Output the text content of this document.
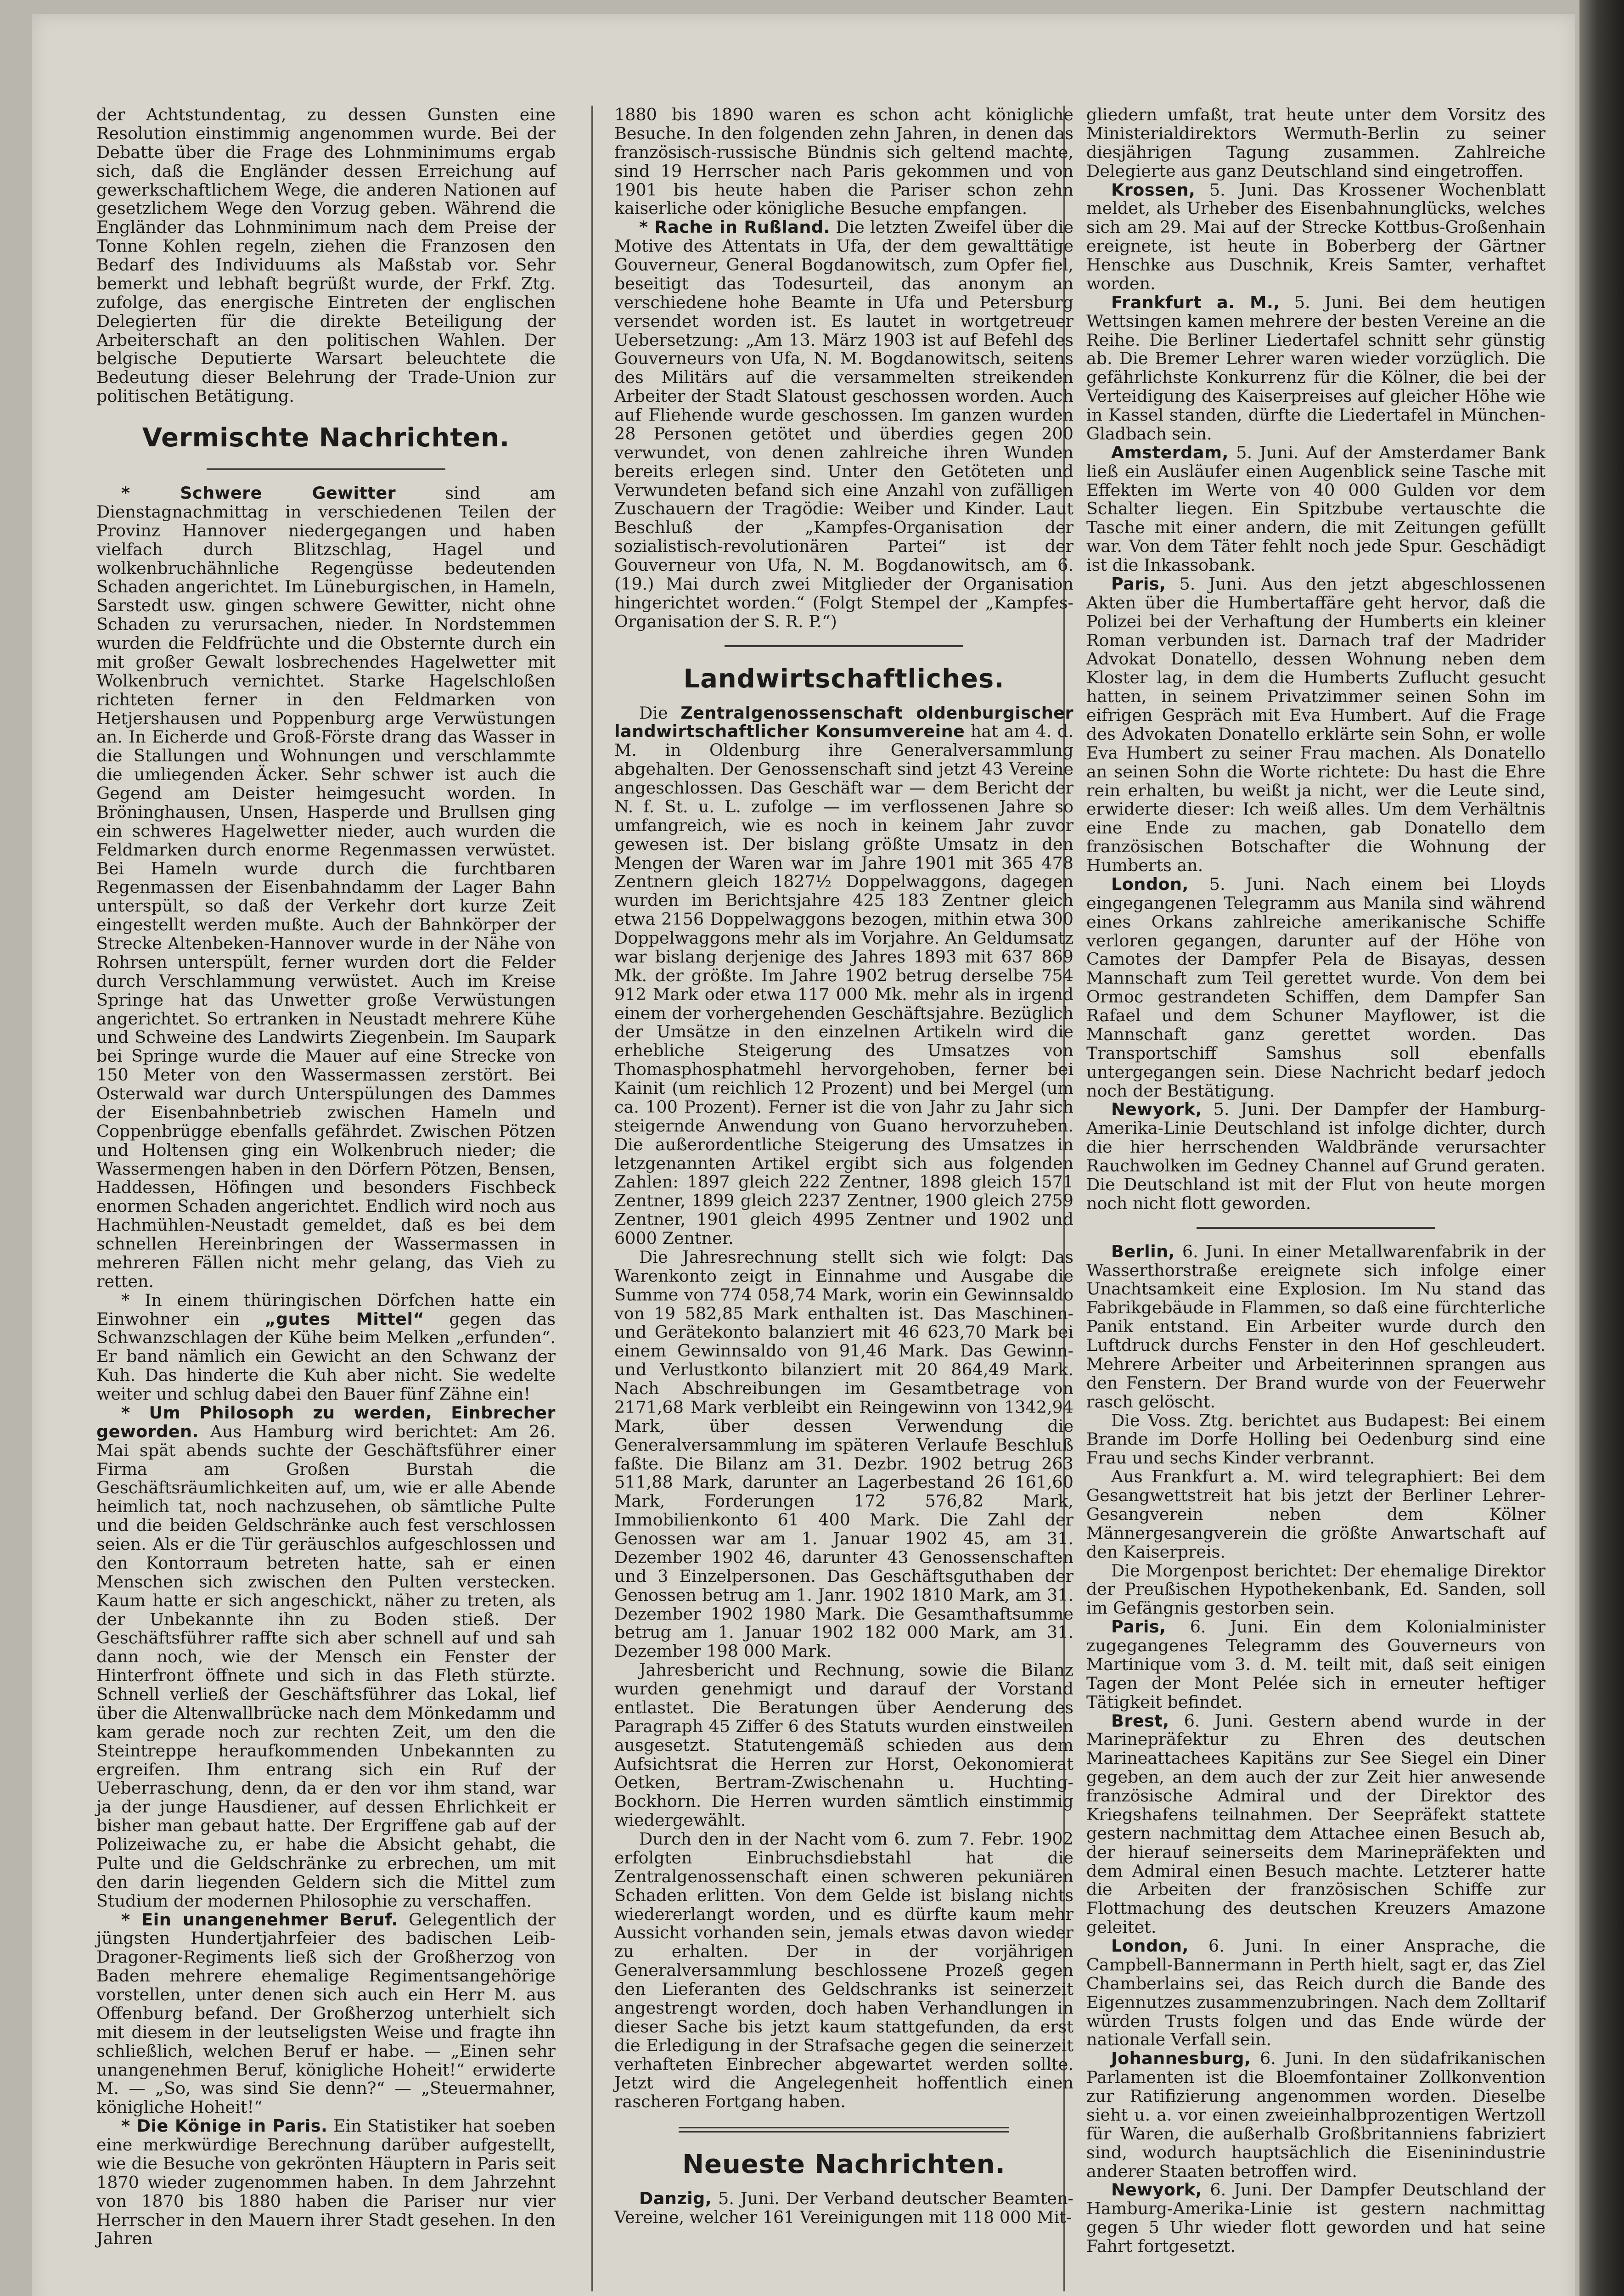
der Achtstundentag, zu dessen Gunsten eine Resolution einstimmig angenommen wurde. Bei der Debatte über die Frage des Lohnminimums ergab sich, daß die Engländer dessen Erreichung auf gewerkschaftlichem Wege, die anderen Nationen auf gesetzlichem Wege den Vorzug geben. Während die Engländer das Lohnminimum nach dem Preise der Tonne Kohlen regeln, ziehen die Franzosen den Bedarf des Individuums als Maßstab vor. Sehr bemerkt und lebhaft begrüßt wurde, der Frkf. Ztg. zufolge, das energische Eintreten der englischen Delegierten für die direkte Beteiligung der Arbeiterschaft an den politischen Wahlen. Der belgische Deputierte Warsart beleuchtete die Bedeutung dieser Belehrung der Trade-Union zur politischen Betätigung.

Vermischte Nachrichten.

* Schwere Gewitter sind am Dienstagnachmittag in verschiedenen Teilen der Provinz Hannover niedergegangen und haben vielfach durch Blitzschlag, Hagel und wolkenbruchähnliche Regengüsse bedeutenden Schaden angerichtet. Im Lüneburgischen, in Hameln, Sarstedt usw. gingen schwere Gewitter, nicht ohne Schaden zu verursachen, nieder. In Nordstemmen wurden die Feldfrüchte und die Obsternte durch ein mit großer Gewalt losbrechendes Hagelwetter mit Wolkenbruch vernichtet. Starke Hagelschloßen richteten ferner in den Feldmarken von Hetjershausen und Poppenburg arge Verwüstungen an. In Eicherde und Groß-Förste drang das Wasser in die Stallungen und Wohnungen und verschlammte die umliegenden Äcker. Sehr schwer ist auch die Gegend am Deister heimgesucht worden. In Bröninghausen, Unsen, Hasperde und Brullsen ging ein schweres Hagelwetter nieder, auch wurden die Feldmarken durch enorme Regenmassen verwüstet. Bei Hameln wurde durch die furchtbaren Regenmassen der Eisenbahndamm der Lager Bahn unterspült, so daß der Verkehr dort kurze Zeit eingestellt werden mußte. Auch der Bahnkörper der Strecke Altenbeken-Hannover wurde in der Nähe von Rohrsen unterspült, ferner wurden dort die Felder durch Verschlammung verwüstet. Auch im Kreise Springe hat das Unwetter große Verwüstungen angerichtet. So ertranken in Neustadt mehrere Kühe und Schweine des Landwirts Ziegenbein. Im Saupark bei Springe wurde die Mauer auf eine Strecke von 150 Meter von den Wassermassen zerstört. Bei Osterwald war durch Unterspülungen des Dammes der Eisenbahnbetrieb zwischen Hameln und Coppenbrügge ebenfalls gefährdet. Zwischen Pötzen und Holtensen ging ein Wolkenbruch nieder; die Wassermengen haben in den Dörfern Pötzen, Bensen, Haddessen, Höfingen und besonders Fischbeck enormen Schaden angerichtet. Endlich wird noch aus Hachmühlen-Neustadt gemeldet, daß es bei dem schnellen Hereinbringen der Wassermassen in mehreren Fällen nicht mehr gelang, das Vieh zu retten.

* In einem thüringischen Dörfchen hatte ein Einwohner ein „gutes Mittel“ gegen das Schwanzschlagen der Kühe beim Melken „erfunden“. Er band nämlich ein Gewicht an den Schwanz der Kuh. Das hinderte die Kuh aber nicht. Sie wedelte weiter und schlug dabei den Bauer fünf Zähne ein!

* Um Philosoph zu werden, Einbrecher geworden. Aus Hamburg wird berichtet: Am 26. Mai spät abends suchte der Geschäftsführer einer Firma am Großen Burstah die Geschäftsräumlichkeiten auf, um, wie er alle Abende heimlich tat, noch nachzusehen, ob sämtliche Pulte und die beiden Geldschränke auch fest verschlossen seien. Als er die Tür geräuschlos aufgeschlossen und den Kontorraum betreten hatte, sah er einen Menschen sich zwischen den Pulten verstecken. Kaum hatte er sich angeschickt, näher zu treten, als der Unbekannte ihn zu Boden stieß. Der Geschäftsführer raffte sich aber schnell auf und sah dann noch, wie der Mensch ein Fenster der Hinterfront öffnete und sich in das Fleth stürzte. Schnell verließ der Geschäftsführer das Lokal, lief über die Altenwallbrücke nach dem Mönkedamm und kam gerade noch zur rechten Zeit, um den die Steintreppe heraufkommenden Unbekannten zu ergreifen. Ihm entrang sich ein Ruf der Ueberraschung, denn, da er den vor ihm stand, war ja der junge Hausdiener, auf dessen Ehrlichkeit er bisher man gebaut hatte. Der Ergriffene gab auf der Polizeiwache zu, er habe die Absicht gehabt, die Pulte und die Geldschränke zu erbrechen, um mit den darin liegenden Geldern sich die Mittel zum Studium der modernen Philosophie zu verschaffen.

* Ein unangenehmer Beruf. Gelegentlich der jüngsten Hundertjahrfeier des badischen Leib-Dragoner-Regiments ließ sich der Großherzog von Baden mehrere ehemalige Regimentsangehörige vorstellen, unter denen sich auch ein Herr M. aus Offenburg befand. Der Großherzog unterhielt sich mit diesem in der leutseligsten Weise und fragte ihn schließlich, welchen Beruf er habe. — „Einen sehr unangenehmen Beruf, königliche Hoheit!“ erwiderte M. — „So, was sind Sie denn?“ — „Steuermahner, königliche Hoheit!“

* Die Könige in Paris. Ein Statistiker hat soeben eine merkwürdige Berechnung darüber aufgestellt, wie die Besuche von gekrönten Häuptern in Paris seit 1870 wieder zugenommen haben. In dem Jahrzehnt von 1870 bis 1880 haben die Pariser nur vier Herrscher in den Mauern ihrer Stadt gesehen. In den Jahren

1880 bis 1890 waren es schon acht königliche Besuche. In den folgenden zehn Jahren, in denen das französisch-russische Bündnis sich geltend machte, sind 19 Herrscher nach Paris gekommen und von 1901 bis heute haben die Pariser schon zehn kaiserliche oder königliche Besuche empfangen.

* Rache in Rußland. Die letzten Zweifel über die Motive des Attentats in Ufa, der dem gewalttätige Gouverneur, General Bogdanowitsch, zum Opfer fiel, beseitigt das Todesurteil, das anonym an verschiedene hohe Beamte in Ufa und Petersburg versendet worden ist. Es lautet in wortgetreuer Uebersetzung: „Am 13. März 1903 ist auf Befehl des Gouverneurs von Ufa, N. M. Bogdanowitsch, seitens des Militärs auf die versammelten streikenden Arbeiter der Stadt Slatoust geschossen worden. Auch auf Fliehende wurde geschossen. Im ganzen wurden 28 Personen getötet und überdies gegen 200 verwundet, von denen zahlreiche ihren Wunden bereits erlegen sind. Unter den Getöteten und Verwundeten befand sich eine Anzahl von zufälligen Zuschauern der Tragödie: Weiber und Kinder. Laut Beschluß der „Kampfes-Organisation der sozialistisch-revolutionären Partei“ ist der Gouverneur von Ufa, N. M. Bogdanowitsch, am 6. (19.) Mai durch zwei Mitglieder der Organisation hingerichtet worden.“ (Folgt Stempel der „Kampfes-Organisation der S. R. P.“)

Landwirtschaftliches.

Die Zentralgenossenschaft oldenburgischer landwirtschaftlicher Konsumvereine hat am 4. d. M. in Oldenburg ihre Generalversammlung abgehalten. Der Genossenschaft sind jetzt 43 Vereine angeschlossen. Das Geschäft war — dem Bericht der N. f. St. u. L. zufolge — im verflossenen Jahre so umfangreich, wie es noch in keinem Jahr zuvor gewesen ist. Der bislang größte Umsatz in den Mengen der Waren war im Jahre 1901 mit 365 478 Zentnern gleich 1827½ Doppelwaggons, dagegen wurden im Berichtsjahre 425 183 Zentner gleich etwa 2156 Doppelwaggons bezogen, mithin etwa 300 Doppelwaggons mehr als im Vorjahre. An Geldumsatz war bislang derjenige des Jahres 1893 mit 637 869 Mk. der größte. Im Jahre 1902 betrug derselbe 754 912 Mark oder etwa 117 000 Mk. mehr als in irgend einem der vorhergehenden Geschäftsjahre. Bezüglich der Umsätze in den einzelnen Artikeln wird die erhebliche Steigerung des Umsatzes von Thomasphosphatmehl hervorgehoben, ferner bei Kainit (um reichlich 12 Prozent) und bei Mergel (um ca. 100 Prozent). Ferner ist die von Jahr zu Jahr sich steigernde Anwendung von Guano hervorzuheben. Die außerordentliche Steigerung des Umsatzes in letzgenannten Artikel ergibt sich aus folgenden Zahlen: 1897 gleich 222 Zentner, 1898 gleich 1571 Zentner, 1899 gleich 2237 Zentner, 1900 gleich 2759 Zentner, 1901 gleich 4995 Zentner und 1902 und 6000 Zentner.

Die Jahresrechnung stellt sich wie folgt: Das Warenkonto zeigt in Einnahme und Ausgabe die Summe von 774 058,74 Mark, worin ein Gewinnsaldo von 19 582,85 Mark enthalten ist. Das Maschinen- und Gerätekonto balanziert mit 46 623,70 Mark bei einem Gewinnsaldo von 91,46 Mark. Das Gewinn- und Verlustkonto bilanziert mit 20 864,49 Mark. Nach Abschreibungen im Gesamtbetrage von 2171,68 Mark verbleibt ein Reingewinn von 1342,94 Mark, über dessen Verwendung die Generalversammlung im späteren Verlaufe Beschluß faßte. Die Bilanz am 31. Dezbr. 1902 betrug 263 511,88 Mark, darunter an Lagerbestand 26 161,60 Mark, Forderungen 172 576,82 Mark, Immobilienkonto 61 400 Mark. Die Zahl der Genossen war am 1. Januar 1902 45, am 31. Dezember 1902 46, darunter 43 Genossenschaften und 3 Einzelpersonen. Das Geschäftsguthaben der Genossen betrug am 1. Janr. 1902 1810 Mark, am 31. Dezember 1902 1980 Mark. Die Gesamthaftsumme betrug am 1. Januar 1902 182 000 Mark, am 31. Dezember 198 000 Mark.

Jahresbericht und Rechnung, sowie die Bilanz wurden genehmigt und darauf der Vorstand entlastet. Die Beratungen über Aenderung des Paragraph 45 Ziffer 6 des Statuts wurden einstweilen ausgesetzt. Statutengemäß schieden aus dem Aufsichtsrat die Herren zur Horst, Oekonomierat Oetken, Bertram-Zwischenahn u. Huchting-Bockhorn. Die Herren wurden sämtlich einstimmig wiedergewählt.

Durch den in der Nacht vom 6. zum 7. Febr. 1902 erfolgten Einbruchsdiebstahl hat die Zentralgenossenschaft einen schweren pekuniären Schaden erlitten. Von dem Gelde ist bislang nichts wiedererlangt worden, und es dürfte kaum mehr Aussicht vorhanden sein, jemals etwas davon wieder zu erhalten. Der in der vorjährigen Generalversammlung beschlossene Prozeß gegen den Lieferanten des Geldschranks ist seinerzeit angestrengt worden, doch haben Verhandlungen in dieser Sache bis jetzt kaum stattgefunden, da erst die Erledigung in der Strafsache gegen die seinerzeit verhafteten Einbrecher abgewartet werden sollte. Jetzt wird die Angelegenheit hoffentlich einen rascheren Fortgang haben.

Neueste Nachrichten.

Danzig, 5. Juni. Der Verband deutscher Beamten-Vereine, welcher 161 Vereinigungen mit 118 000 Mit-

gliedern umfaßt, trat heute unter dem Vorsitz des Ministerialdirektors Wermuth-Berlin zu seiner diesjährigen Tagung zusammen. Zahlreiche Delegierte aus ganz Deutschland sind eingetroffen.

Krossen, 5. Juni. Das Krossener Wochenblatt meldet, als Urheber des Eisenbahnunglücks, welches sich am 29. Mai auf der Strecke Kottbus-Großenhain ereignete, ist heute in Boberberg der Gärtner Henschke aus Duschnik, Kreis Samter, verhaftet worden.

Frankfurt a. M., 5. Juni. Bei dem heutigen Wettsingen kamen mehrere der besten Vereine an die Reihe. Die Berliner Liedertafel schnitt sehr günstig ab. Die Bremer Lehrer waren wieder vorzüglich. Die gefährlichste Konkurrenz für die Kölner, die bei der Verteidigung des Kaiserpreises auf gleicher Höhe wie in Kassel standen, dürfte die Liedertafel in München-Gladbach sein.

Amsterdam, 5. Juni. Auf der Amsterdamer Bank ließ ein Ausläufer einen Augenblick seine Tasche mit Effekten im Werte von 40 000 Gulden vor dem Schalter liegen. Ein Spitzbube vertauschte die Tasche mit einer andern, die mit Zeitungen gefüllt war. Von dem Täter fehlt noch jede Spur. Geschädigt ist die Inkassobank.

Paris, 5. Juni. Aus den jetzt abgeschlossenen Akten über die Humbertaffäre geht hervor, daß die Polizei bei der Verhaftung der Humberts ein kleiner Roman verbunden ist. Darnach traf der Madrider Advokat Donatello, dessen Wohnung neben dem Kloster lag, in dem die Humberts Zuflucht gesucht hatten, in seinem Privatzimmer seinen Sohn im eifrigen Gespräch mit Eva Humbert. Auf die Frage des Advokaten Donatello erklärte sein Sohn, er wolle Eva Humbert zu seiner Frau machen. Als Donatello an seinen Sohn die Worte richtete: Du hast die Ehre rein erhalten, bu weißt ja nicht, wer die Leute sind, erwiderte dieser: Ich weiß alles. Um dem Verhältnis eine Ende zu machen, gab Donatello dem französischen Botschafter die Wohnung der Humberts an.

London, 5. Juni. Nach einem bei Lloyds eingegangenen Telegramm aus Manila sind während eines Orkans zahlreiche amerikanische Schiffe verloren gegangen, darunter auf der Höhe von Camotes der Dampfer Pela de Bisayas, dessen Mannschaft zum Teil gerettet wurde. Von dem bei Ormoc gestrandeten Schiffen, dem Dampfer San Rafael und dem Schuner Mayflower, ist die Mannschaft ganz gerettet worden. Das Transportschiff Samshus soll ebenfalls untergegangen sein. Diese Nachricht bedarf jedoch noch der Bestätigung.

Newyork, 5. Juni. Der Dampfer der Hamburg-Amerika-Linie Deutschland ist infolge dichter, durch die hier herrschenden Waldbrände verursachter Rauchwolken im Gedney Channel auf Grund geraten. Die Deutschland ist mit der Flut von heute morgen noch nicht flott geworden.

Berlin, 6. Juni. In einer Metallwarenfabrik in der Wasserthorstraße ereignete sich infolge einer Unachtsamkeit eine Explosion. Im Nu stand das Fabrikgebäude in Flammen, so daß eine fürchterliche Panik entstand. Ein Arbeiter wurde durch den Luftdruck durchs Fenster in den Hof geschleudert. Mehrere Arbeiter und Arbeiterinnen sprangen aus den Fenstern. Der Brand wurde von der Feuerwehr rasch gelöscht.

Die Voss. Ztg. berichtet aus Budapest: Bei einem Brande im Dorfe Holling bei Oedenburg sind eine Frau und sechs Kinder verbrannt.

Aus Frankfurt a. M. wird telegraphiert: Bei dem Gesangwettstreit hat bis jetzt der Berliner Lehrer-Gesangverein neben dem Kölner Männergesangverein die größte Anwartschaft auf den Kaiserpreis.

Die Morgenpost berichtet: Der ehemalige Direktor der Preußischen Hypothekenbank, Ed. Sanden, soll im Gefängnis gestorben sein.

Paris, 6. Juni. Ein dem Kolonialminister zugegangenes Telegramm des Gouverneurs von Martinique vom 3. d. M. teilt mit, daß seit einigen Tagen der Mont Pelée sich in erneuter heftiger Tätigkeit befindet.

Brest, 6. Juni. Gestern abend wurde in der Marinepräfektur zu Ehren des deutschen Marineattachees Kapitäns zur See Siegel ein Diner gegeben, an dem auch der zur Zeit hier anwesende französische Admiral und der Direktor des Kriegshafens teilnahmen. Der Seepräfekt stattete gestern nachmittag dem Attachee einen Besuch ab, der hierauf seinerseits dem Marinepräfekten und dem Admiral einen Besuch machte. Letzterer hatte die Arbeiten der französischen Schiffe zur Flottmachung des deutschen Kreuzers Amazone geleitet.

London, 6. Juni. In einer Ansprache, die Campbell-Bannermann in Perth hielt, sagt er, das Ziel Chamberlains sei, das Reich durch die Bande des Eigennutzes zusammenzubringen. Nach dem Zolltarif würden Trusts folgen und das Ende würde der nationale Verfall sein.

Johannesburg, 6. Juni. In den südafrikanischen Parlamenten ist die Bloemfontainer Zollkonvention zur Ratifizierung angenommen worden. Dieselbe sieht u. a. vor einen zweieinhalbprozentigen Wertzoll für Waren, die außerhalb Großbritanniens fabriziert sind, wodurch hauptsächlich die Eiseninindustrie anderer Staaten betroffen wird.

Newyork, 6. Juni. Der Dampfer Deutschland der Hamburg-Amerika-Linie ist gestern nachmittag gegen 5 Uhr wieder flott geworden und hat seine Fahrt fortgesetzt.
